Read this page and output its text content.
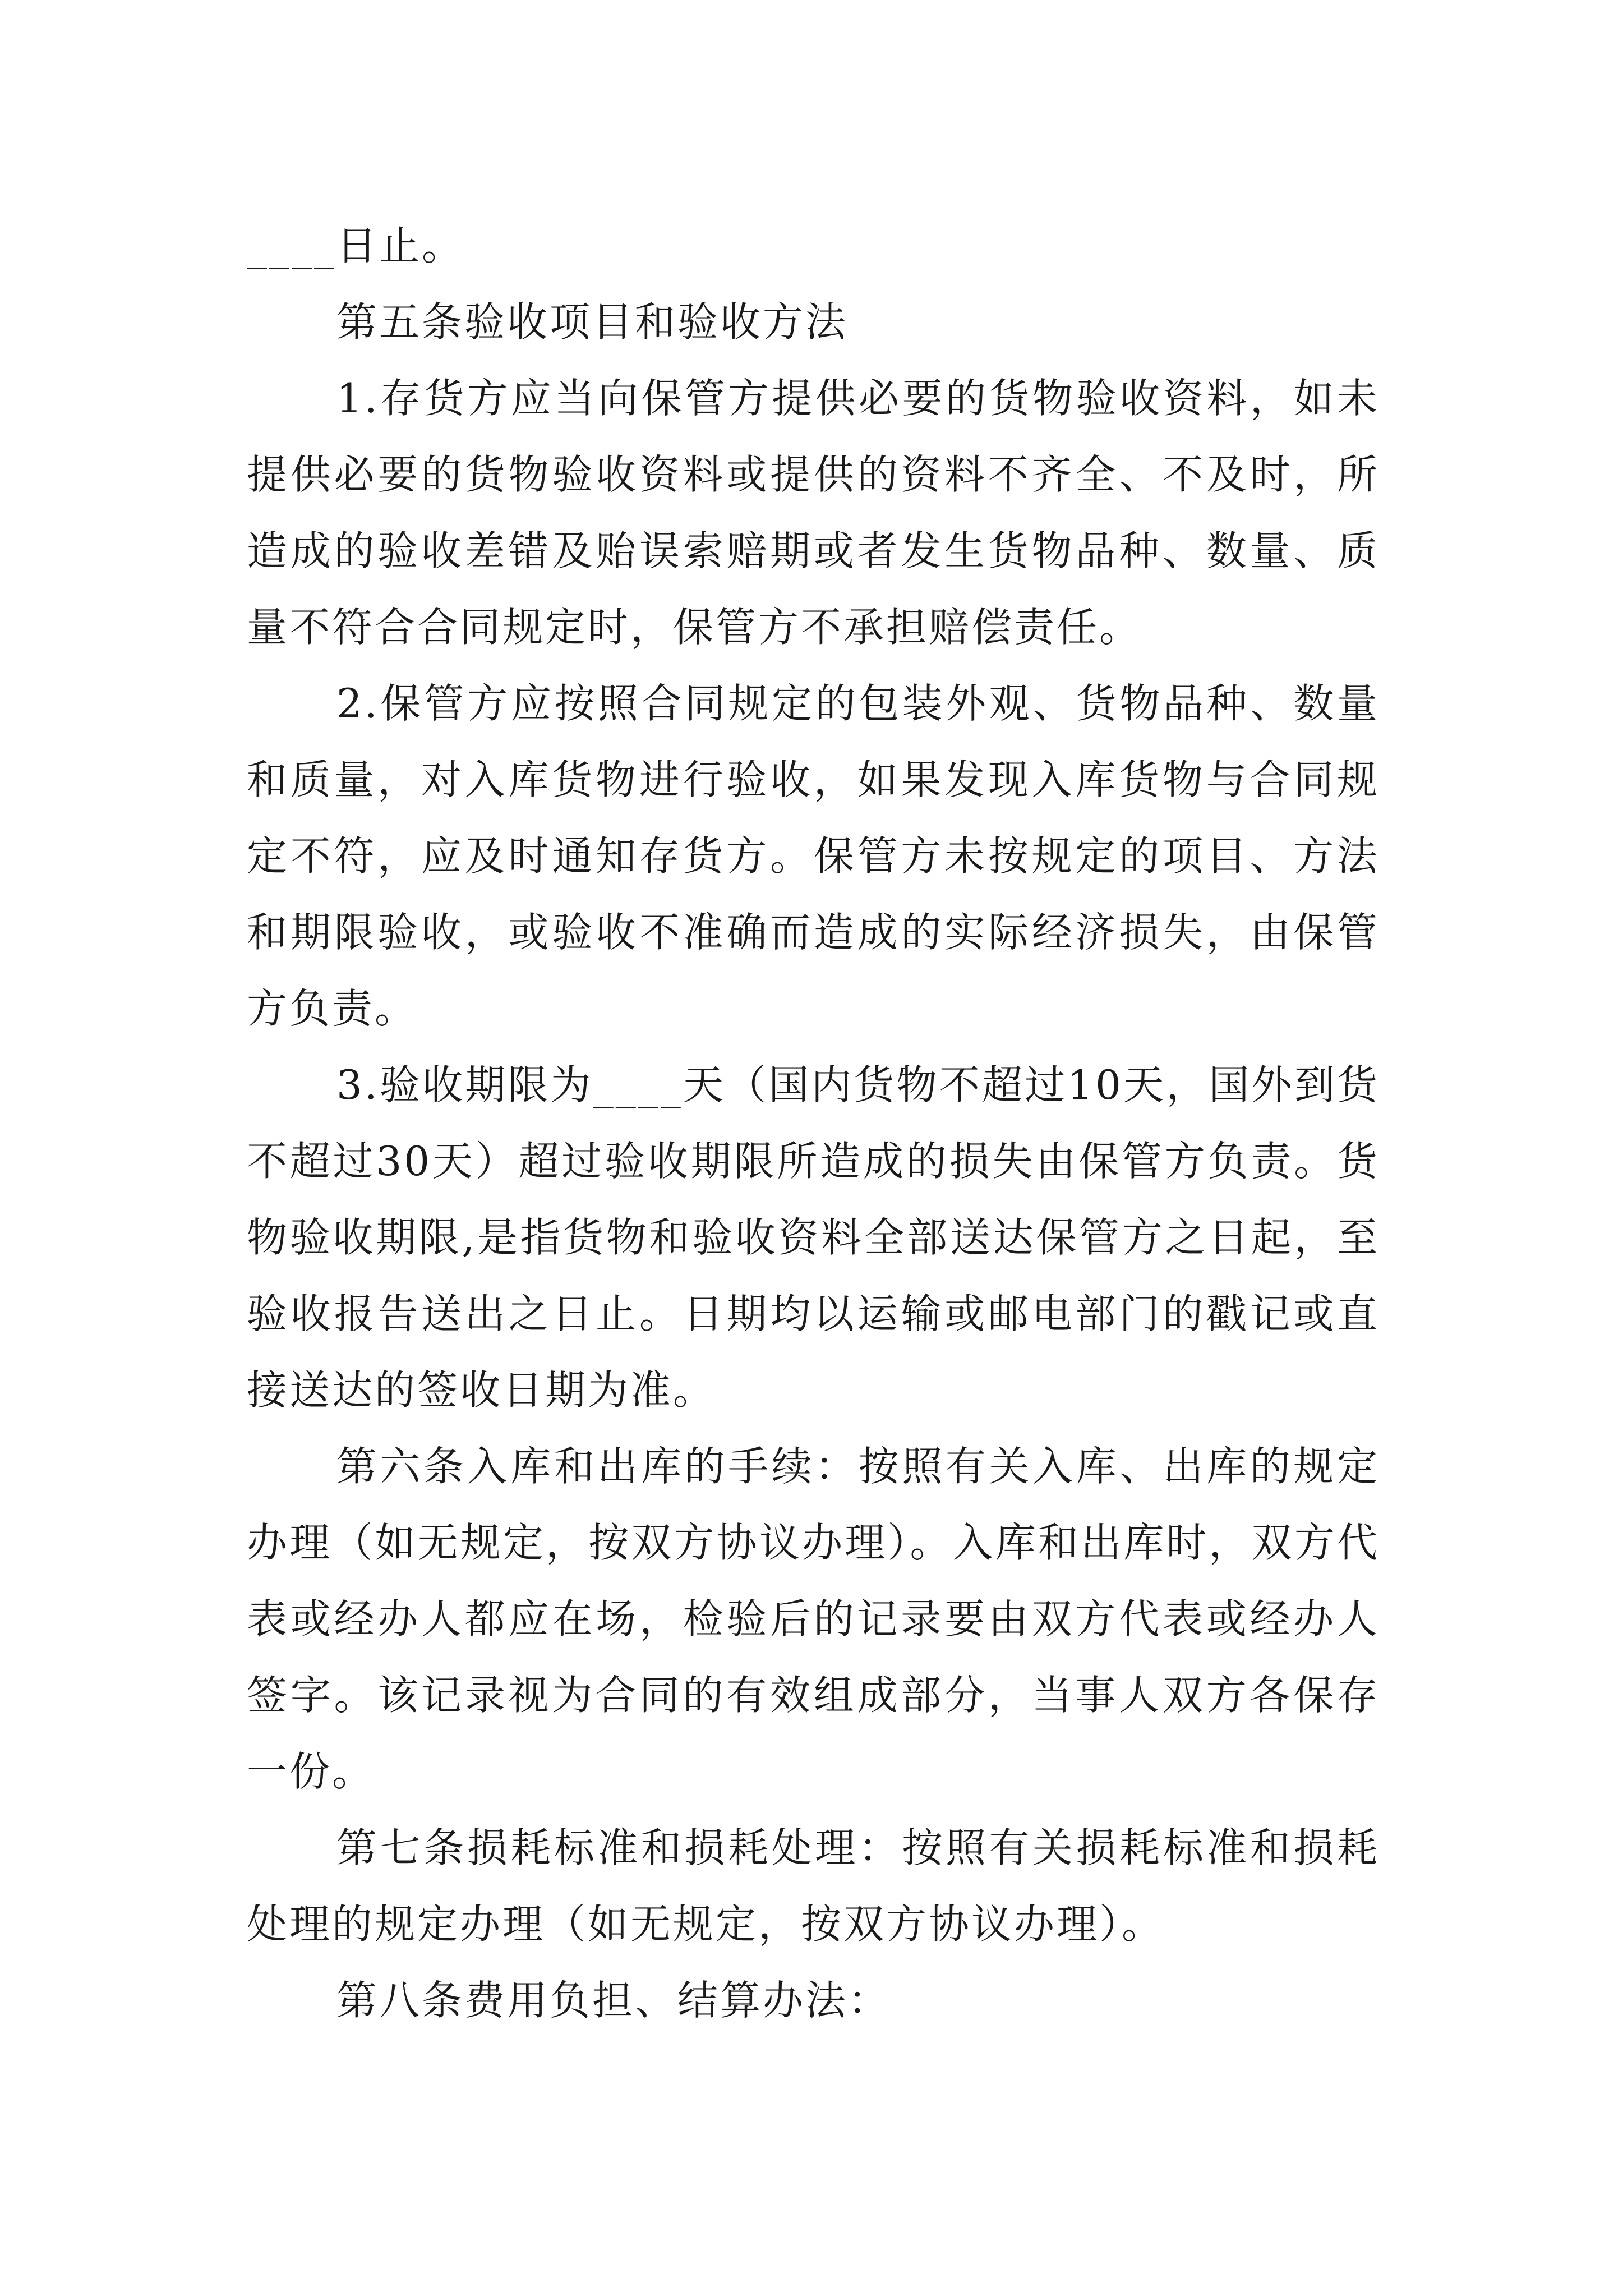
____日止。

第五条验收项目和验收方法

1.存货方应当向保管方提供必要的货物验收资料，如未提供必要的货物验收资料或提供的资料不齐全、不及时，所造成的验收差错及贻误索赔期或者发生货物品种、数量、质量不符合合同规定时，保管方不承担赔偿责任。

2.保管方应按照合同规定的包装外观、货物品种、数量和质量，对入库货物进行验收，如果发现入库货物与合同规定不符，应及时通知存货方。保管方未按规定的项目、方法和期限验收，或验收不准确而造成的实际经济损失，由保管方负责。

3.验收期限为____天（国内货物不超过10天，国外到货不超过30天）超过验收期限所造成的损失由保管方负责。货物验收期限,是指货物和验收资料全部送达保管方之日起，至验收报告送出之日止。日期均以运输或邮电部门的戳记或直接送达的签收日期为准。

第六条入库和出库的手续：按照有关入库、出库的规定办理（如无规定，按双方协议办理）。入库和出库时，双方代表或经办人都应在场，检验后的记录要由双方代表或经办人签字。该记录视为合同的有效组成部分，当事人双方各保存一份。

第七条损耗标准和损耗处理：按照有关损耗标准和损耗处理的规定办理（如无规定，按双方协议办理）。

第八条费用负担、结算办法：
